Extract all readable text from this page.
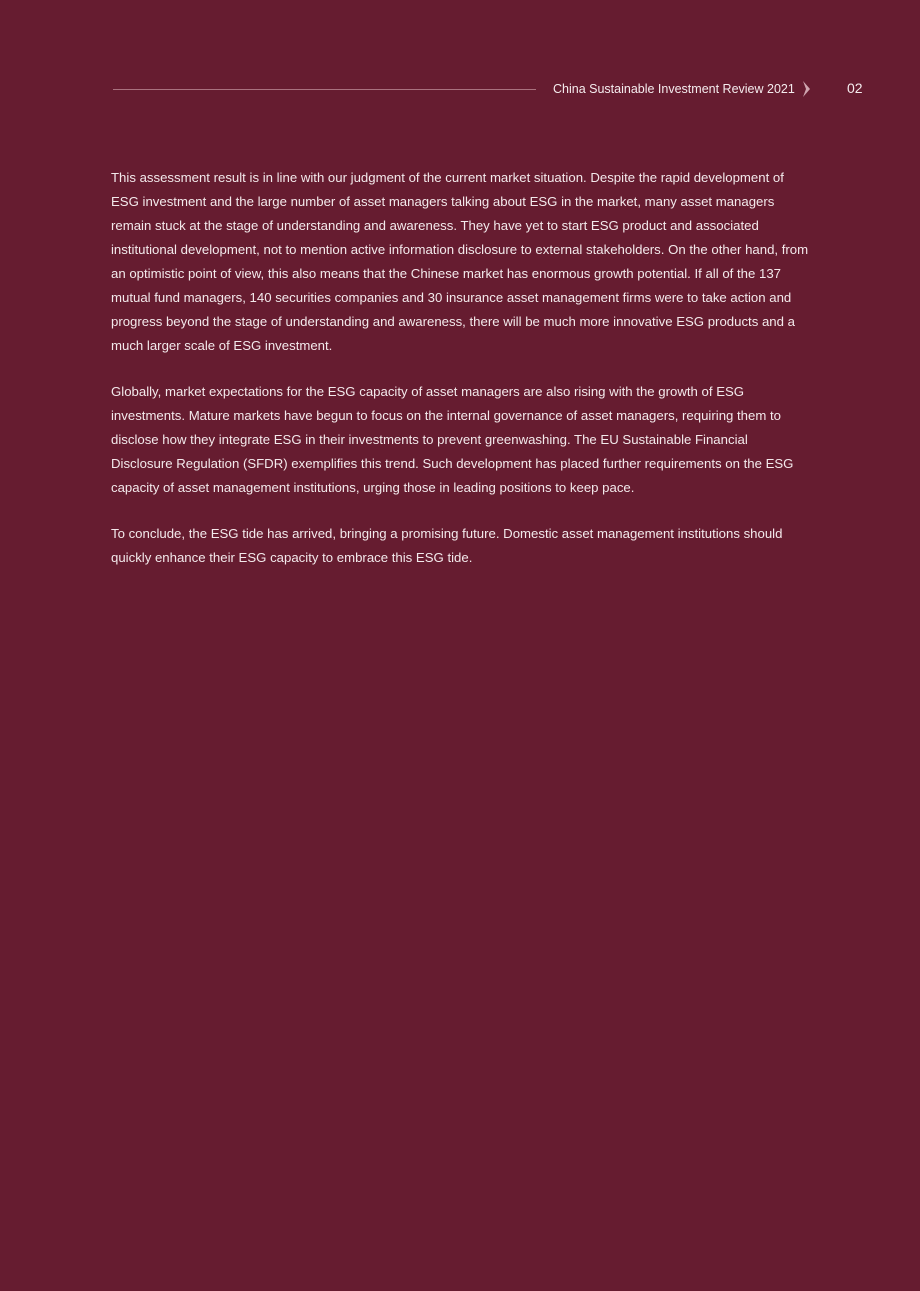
China Sustainable Investment Review 2021	02

This assessment result is in line with our judgment of the current market situation. Despite the rapid development of ESG investment and the large number of asset managers talking about ESG in the market, many asset managers remain stuck at the stage of understanding and awareness. They have yet to start ESG product and associated institutional development, not to mention active information disclosure to external stakeholders. On the other hand, from an optimistic point of view, this also means that the Chinese market has enormous growth potential. If all of the 137 mutual fund managers, 140 securities companies and 30 insurance asset management firms were to take action and progress beyond the stage of understanding and awareness, there will be much more innovative ESG products and a much larger scale of ESG investment.

Globally, market expectations for the ESG capacity of asset managers are also rising with the growth of ESG investments. Mature markets have begun to focus on the internal governance of asset managers, requiring them to disclose how they integrate ESG in their investments to prevent greenwashing. The EU Sustainable Financial Disclosure Regulation (SFDR) exemplifies this trend. Such development has placed further requirements on the ESG capacity of asset management institutions, urging those in leading positions to keep pace.

To conclude, the ESG tide has arrived, bringing a promising future. Domestic asset management institutions should quickly enhance their ESG capacity to embrace this ESG tide.
